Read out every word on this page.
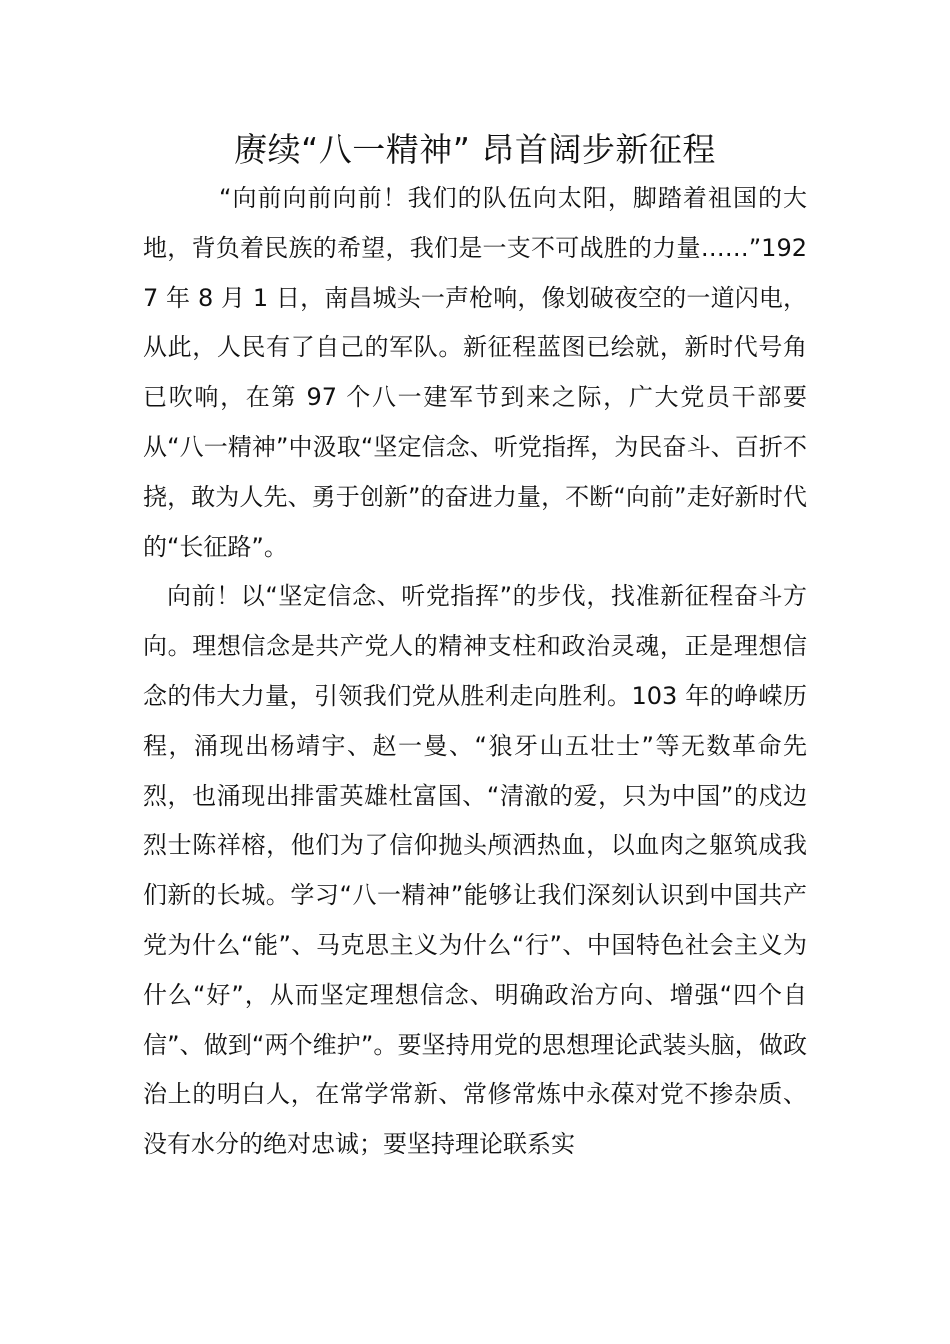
赓续“八一精神” 昂首阔步新征程

“向前向前向前！我们的队伍向太阳，脚踏着祖国的大地，背负着民族的希望，我们是一支不可战胜的力量……”1927 年 8 月 1 日，南昌城头一声枪响，像划破夜空的一道闪电，从此，人民有了自己的军队。新征程蓝图已绘就，新时代号角已吹响，在第 97 个八一建军节到来之际，广大党员干部要从“八一精神”中汲取“坚定信念、听党指挥，为民奋斗、百折不挠，敢为人先、勇于创新”的奋进力量，不断“向前”走好新时代的“长征路”。

向前！以“坚定信念、听党指挥”的步伐，找准新征程奋斗方向。理想信念是共产党人的精神支柱和政治灵魂，正是理想信念的伟大力量，引领我们党从胜利走向胜利。103 年的峥嵘历程，涌现出杨靖宇、赵一曼、“狼牙山五壮士”等无数革命先烈，也涌现出排雷英雄杜富国、“清澈的爱，只为中国”的戍边烈士陈祥榕，他们为了信仰抛头颅洒热血，以血肉之躯筑成我们新的长城。学习“八一精神”能够让我们深刻认识到中国共产党为什么“能”、马克思主义为什么“行”、中国特色社会主义为什么“好”，从而坚定理想信念、明确政治方向、增强“四个自信”、做到“两个维护”。要坚持用党的思想理论武装头脑，做政治上的明白人，在常学常新、常修常炼中永葆对党不掺杂质、没有水分的绝对忠诚；要坚持理论联系实
